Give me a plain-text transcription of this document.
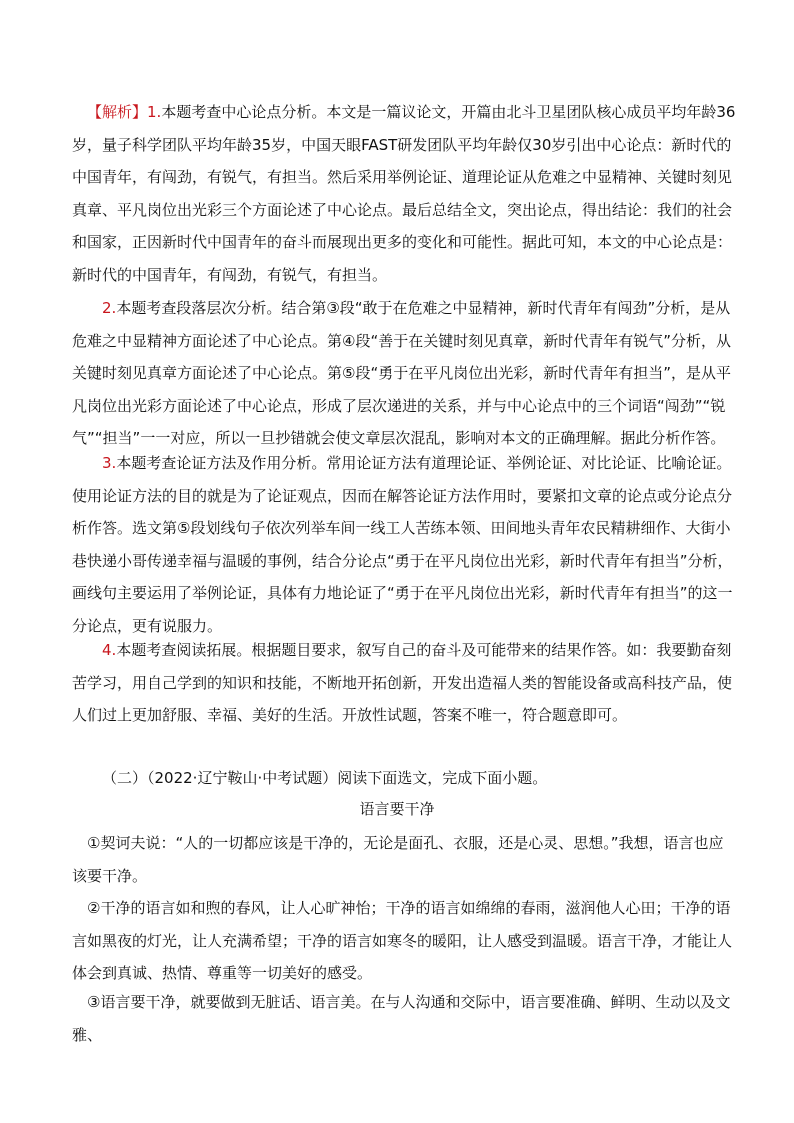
【解析】1.本题考查中心论点分析。本文是一篇议论文，开篇由北斗卫星团队核心成员平均年龄36岁，量子科学团队平均年龄35岁，中国天眼FAST研发团队平均年龄仅30岁引出中心论点：新时代的中国青年，有闯劲，有锐气，有担当。然后采用举例论证、道理论证从危难之中显精神、关键时刻见真章、平凡岗位出光彩三个方面论述了中心论点。最后总结全文，突出论点，得出结论：我们的社会和国家，正因新时代中国青年的奋斗而展现出更多的变化和可能性。据此可知，本文的中心论点是：新时代的中国青年，有闯劲，有锐气，有担当。

2.本题考查段落层次分析。结合第③段“敢于在危难之中显精神，新时代青年有闯劲”分析，是从危难之中显精神方面论述了中心论点。第④段“善于在关键时刻见真章，新时代青年有锐气”分析，从关键时刻见真章方面论述了中心论点。第⑤段“勇于在平凡岗位出光彩，新时代青年有担当”，是从平凡岗位出光彩方面论述了中心论点，形成了层次递进的关系，并与中心论点中的三个词语“闯劲”“锐气”“担当”一一对应，所以一旦抄错就会使文章层次混乱，影响对本文的正确理解。据此分析作答。

3.本题考查论证方法及作用分析。常用论证方法有道理论证、举例论证、对比论证、比喻论证。使用论证方法的目的就是为了论证观点，因而在解答论证方法作用时，要紧扣文章的论点或分论点分析作答。选文第⑤段划线句子依次列举车间一线工人苦练本领、田间地头青年农民精耕细作、大街小巷快递小哥传递幸福与温暖的事例，结合分论点“勇于在平凡岗位出光彩，新时代青年有担当”分析，画线句主要运用了举例论证，具体有力地论证了“勇于在平凡岗位出光彩，新时代青年有担当”的这一分论点，更有说服力。

4.本题考查阅读拓展。根据题目要求，叙写自己的奋斗及可能带来的结果作答。如：我要勤奋刻苦学习，用自己学到的知识和技能，不断地开拓创新，开发出造福人类的智能设备或高科技产品，使人们过上更加舒服、幸福、美好的生活。开放性试题，答案不唯一，符合题意即可。

（二）（2022·辽宁鞍山·中考试题）阅读下面选文，完成下面小题。

语言要干净

①契诃夫说：“人的一切都应该是干净的，无论是面孔、衣服，还是心灵、思想。”我想，语言也应该要干净。

②干净的语言如和煦的春风，让人心旷神怡；干净的语言如绵绵的春雨，滋润他人心田；干净的语言如黑夜的灯光，让人充满希望；干净的语言如寒冬的暖阳，让人感受到温暖。语言干净，才能让人体会到真诚、热情、尊重等一切美好的感受。

③语言要干净，就要做到无脏话、语言美。在与人沟通和交际中，语言要准确、鲜明、生动以及文雅、
